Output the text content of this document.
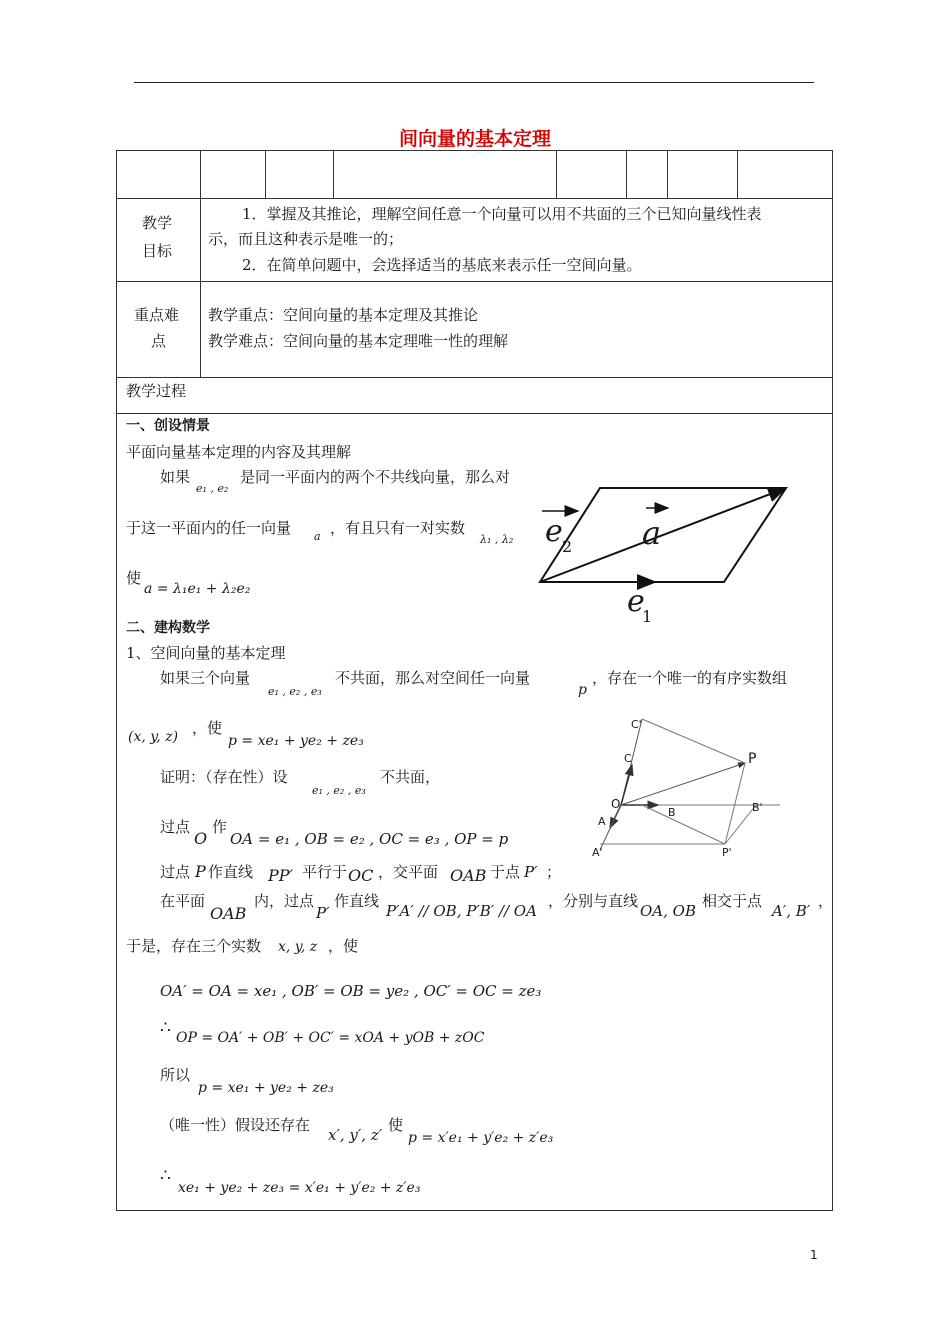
间向量的基本定理
教学
目标
1．掌握及其推论，理解空间任意一个向量可以用不共面的三个已知向量线性表
示，而且这种表示是唯一的；
2．在简单问题中，会选择适当的基底来表示任一空间向量。
重点难
点
教学重点：空间向量的基本定理及其推论
教学难点：空间向量的基本定理唯一性的理解
教学过程
一、创设情景
平面向量基本定理的内容及其理解
如果
e₁ , e₂
是同一平面内的两个不共线向量，那么对
于这一平面内的任一向量 a ，有且只有一对实数
λ₁ , λ₂
使
a = λ₁e₁ + λ₂e₂
e 2 a
e
1
二、建构数学
1、空间向量的基本定理
如果三个向量
e₁ , e₂ , e₃
不共面，那么对空间任一向量
p
，存在一个唯一的有序实数组
(x, y, z) ，使
p = xe₁ + ye₂ + ze₃
证明：（存在性）设
e₁ , e₂ , e₃
不共面，
过点
O
作
OA = e₁ , OB = e₂ , OC = e₃ , OP = p
过点 P 作直线 PP′ 平行于 OC ，交平面 OAB 于点 P′ ；
在平面
OAB
内，过点
P′
作直线
P′A′ // OB, P′B′ // OA
，分别与直线
OA, OB
相交于点
A′, B′
，
于是，存在三个实数 x, y, z ，使
OA′ = OA = xe₁ , OB′ = OB = ye₂ , OC′ = OC = ze₃
∴ OP = OA′ + OB′ + OC′ = xOA + yOB + zOC
所以
p = xe₁ + ye₂ + ze₃
（唯一性）假设还存在
x′, y′, z′
使
p = x′e₁ + y′e₂ + z′e₃
∴
xe₁ + ye₂ + ze₃ = x′e₁ + y′e₂ + z′e₃
C'
C	P
O
B	B'
A
A'	P'
1
